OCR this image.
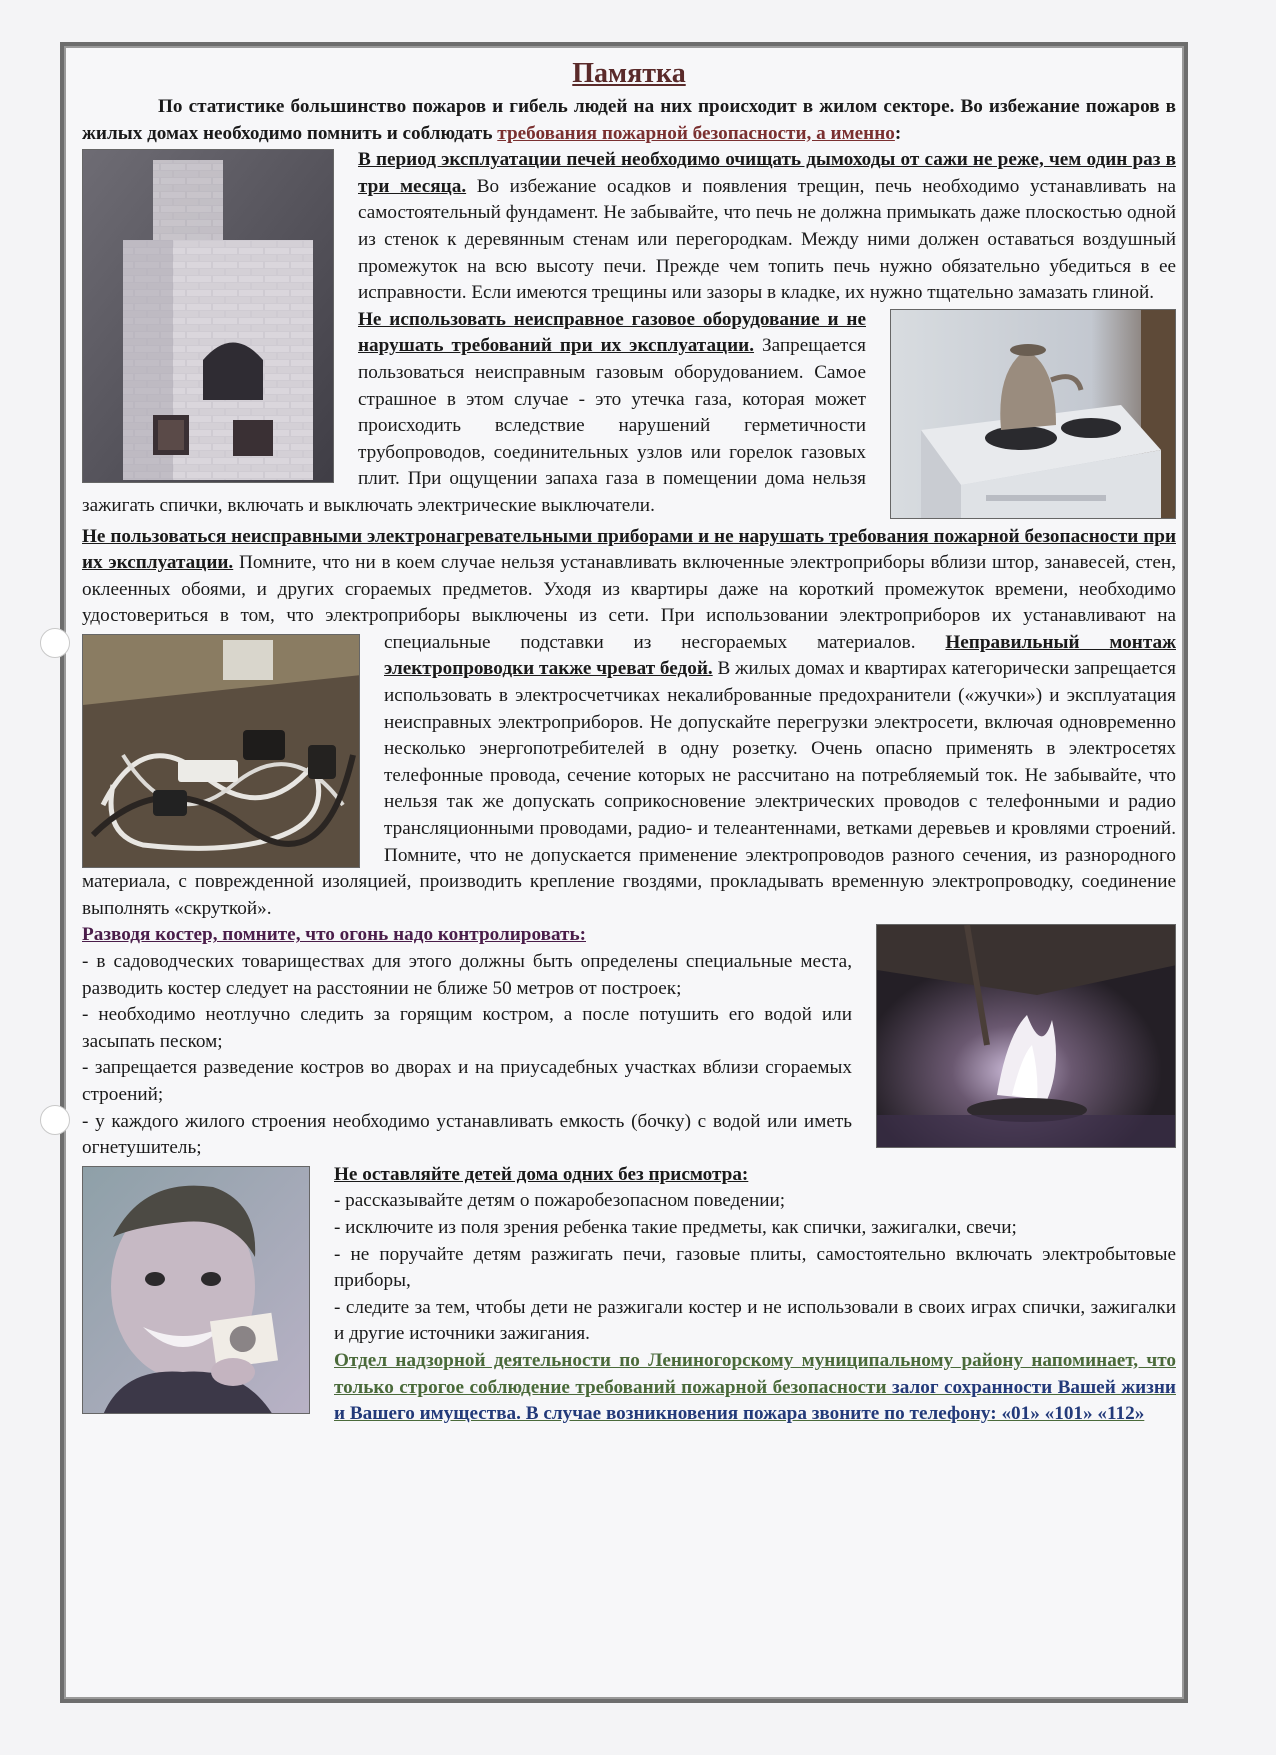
Памятка

По статистике большинство пожаров и гибель людей на них происходит в жилом секторе. Во избежание пожаров в жилых домах необходимо помнить и соблюдать требования пожарной безопасности, а именно:

В период эксплуатации печей необходимо очищать дымоходы от сажи не реже, чем один раз в три месяца. Во избежание осадков и появления трещин, печь необходимо устанавливать на самостоятельный фундамент. Не забывайте, что печь не должна примыкать даже плоскостью одной из стенок к деревянным стенам или перегородкам. Между ними должен оставаться воздушный промежуток на всю высоту печи. Прежде чем топить печь нужно обязательно убедиться в ее исправности. Если имеются трещины или зазоры в кладке, их нужно тщательно замазать глиной.

Не использовать неисправное газовое оборудование и не нарушать требований при их эксплуатации. Запрещается пользоваться неисправным газовым оборудованием. Самое страшное в этом случае - это утечка газа, которая может происходить вследствие нарушений герметичности трубопроводов, соединительных узлов или горелок газовых плит. При ощущении запаха газа в помещении дома нельзя зажигать спички, включать и выключать электрические выключатели.

Не пользоваться неисправными электронагревательными приборами и не нарушать требования пожарной безопасности при их эксплуатации. Помните, что ни в коем случае нельзя устанавливать включенные электроприборы вблизи штор, занавесей, стен, оклеенных обоями, и других сгораемых предметов. Уходя из квартиры даже на короткий промежуток времени, необходимо удостовериться в том, что электроприборы выключены из сети. При использовании электроприборов их устанавливают на специальные подставки из несгораемых материалов.
Неправильный монтаж электропроводки также чреват бедой. В жилых домах и квартирах категорически запрещается использовать в электросчетчиках некалиброванные предохранители («жучки») и эксплуатация неисправных электроприборов. Не допускайте перегрузки электросети, включая одновременно несколько энергопотребителей в одну розетку. Очень опасно применять в электросетях телефонные провода, сечение которых не рассчитано на потребляемый ток. Не забывайте, что нельзя так же допускать соприкосновение электрических проводов с телефонными и радио трансляционными проводами, радио- и телеантеннами, ветками деревьев и кровлями строений. Помните, что не допускается применение электропроводов разного сечения, из разнородного материала, с поврежденной изоляцией, производить крепление гвоздями, прокладывать временную электропроводку, соединение выполнять «скруткой».

Разводя костер, помните, что огонь надо контролировать:

- в садоводческих товариществах для этого должны быть определены специальные места, разводить костер следует на расстоянии не ближе 50 метров от построек;

- необходимо неотлучно следить за горящим костром, а после потушить его водой или засыпать песком;

- запрещается разведение костров во дворах и на приусадебных участках вблизи сгораемых строений;

- у каждого жилого строения необходимо устанавливать емкость (бочку) с водой или иметь огнетушитель;

Не оставляйте детей дома одних без присмотра:

- рассказывайте детям о пожаробезопасном поведении;

- исключите из поля зрения ребенка такие предметы, как спички, зажигалки, свечи;

- не поручайте детям разжигать печи, газовые плиты, самостоятельно включать электробытовые приборы,

- следите за тем, чтобы дети не разжигали костер и не использовали в своих играх спички, зажигалки и другие источники зажигания.

Отдел надзорной деятельности по Лениногорскому муниципальному району напоминает, что только строгое соблюдение требований пожарной безопасности залог сохранности Вашей жизни и Вашего имущества. В случае возникновения пожара звоните по телефону: «01» «101» «112»
